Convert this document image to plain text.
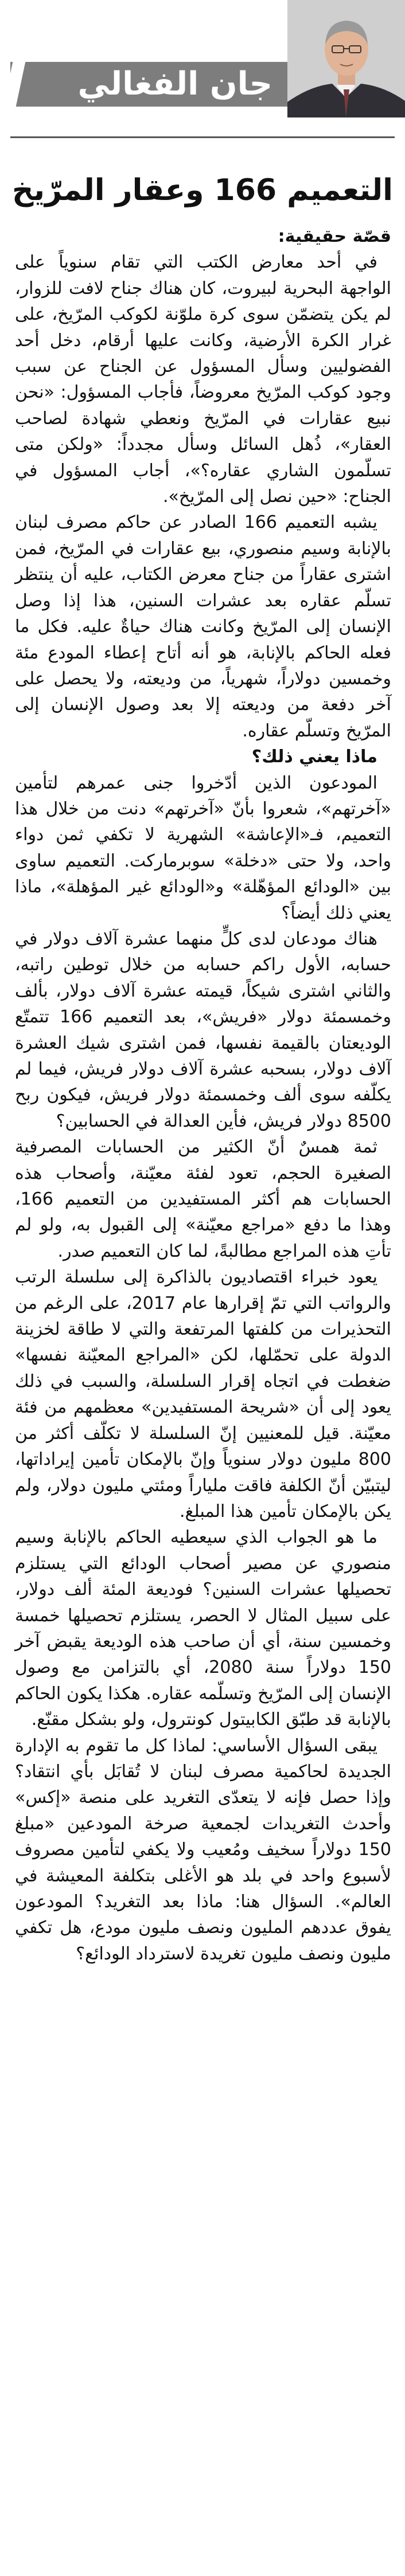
جان الفغالي
التعميم 166 وعقار المرّيخ

قصّة حقيقية:

في أحد معارض الكتب التي تقام سنوياً على الواجهة البحرية لبيروت، كان هناك جناح لافت للزوار، لم يكن يتضمّن سوى كرة ملوّنة لكوكب المرّيخ، على غرار الكرة الأرضية، وكانت عليها أرقام، دخل أحد الفضوليين وسأل المسؤول عن الجناح عن سبب وجود كوكب المرّيخ معروضاً، فأجاب المسؤول: «نحن نبيع عقارات في المرّيخ ونعطي شهادة لصاحب العقار»، ذُهل السائل وسأل مجدداً: «ولكن متى تسلّمون الشاري عقاره؟»، أجاب المسؤول في الجناح: «حين نصل إلى المرّيخ».

يشبه التعميم 166 الصادر عن حاكم مصرف لبنان بالإنابة وسيم منصوري، بيع عقارات في المرّيخ، فمن اشترى عقاراً من جناح معرض الكتاب، عليه أن ينتظر تسلّم عقاره بعد عشرات السنين، هذا إذا وصل الإنسان إلى المرّيخ وكانت هناك حياةٌ عليه. فكل ما فعله الحاكم بالإنابة، هو أنه أتاح إعطاء المودع مئة وخمسين دولاراً، شهرياً، من وديعته، ولا يحصل على آخر دفعة من وديعته إلا بعد وصول الإنسان إلى المرّيخ وتسلّم عقاره.

ماذا يعني ذلك؟

المودعون الذين أدّخروا جنى عمرهم لتأمين «آخرتهم»، شعروا بأنّ «آخرتهم» دنت من خلال هذا التعميم، فـ«الإعاشة» الشهرية لا تكفي ثمن دواء واحد، ولا حتى «دخلة» سوبرماركت. التعميم ساوى بين «الودائع المؤهّلة» و«الودائع غير المؤهلة»، ماذا يعني ذلك أيضاً؟

هناك مودعان لدى كلٍّ منهما عشرة آلاف دولار في حسابه، الأول راكم حسابه من خلال توطين راتبه، والثاني اشترى شيكاً، قيمته عشرة آلاف دولار، بألف وخمسمئة دولار «فريش»، بعد التعميم 166 تتمتّع الوديعتان بالقيمة نفسها، فمن اشترى شيك العشرة آلاف دولار، بسحبه عشرة آلاف دولار فريش، فيما لم يكلّفه سوى ألف وخمسمئة دولار فريش، فيكون ربح 8500 دولار فريش، فأين العدالة في الحسابين؟

ثمة همسٌ أنّ الكثير من الحسابات المصرفية الصغيرة الحجم، تعود لفئة معيّنة، وأصحاب هذه الحسابات هم أكثر المستفيدين من التعميم 166، وهذا ما دفع «مراجع معيّنة» إلى القبول به، ولو لم تأتِ هذه المراجع مطالبةً، لما كان التعميم صدر.

يعود خبراء اقتصاديون بالذاكرة إلى سلسلة الرتب والرواتب التي تمّ إقرارها عام 2017، على الرغم من التحذيرات من كلفتها المرتفعة والتي لا طاقة لخزينة الدولة على تحمّلها، لكن «المراجع المعيّنة نفسها» ضغطت في اتجاه إقرار السلسلة، والسبب في ذلك يعود إلى أن «شريحة المستفيدين» معظمهم من فئة معيّنة. قيل للمعنيين إنّ السلسلة لا تكلّف أكثر من 800 مليون دولار سنوياً وإنّ بالإمكان تأمين إيراداتها، ليتبيّن أنّ الكلفة فاقت ملياراً ومئتي مليون دولار، ولم يكن بالإمكان تأمين هذا المبلغ.

ما هو الجواب الذي سيعطيه الحاكم بالإنابة وسيم منصوري عن مصير أصحاب الودائع التي يستلزم تحصيلها عشرات السنين؟ فوديعة المئة ألف دولار، على سبيل المثال لا الحصر، يستلزم تحصيلها خمسة وخمسين سنة، أي أن صاحب هذه الوديعة يقبض آخر 150 دولاراً سنة 2080، أي بالتزامن مع وصول الإنسان إلى المرّيخ وتسلّمه عقاره. هكذا يكون الحاكم بالإنابة قد طبّق الكابيتول كونترول، ولو بشكل مقنّع.

يبقى السؤال الأساسي: لماذا كل ما تقوم به الإدارة الجديدة لحاكمية مصرف لبنان لا تُقابَل بأي انتقاد؟ وإذا حصل فإنه لا يتعدّى التغريد على منصة «إكس» وأحدث التغريدات لجمعية صرخة المودعين «مبلغ 150 دولاراً سخيف ومُعيب ولا يكفي لتأمين مصروف لأسبوع واحد في بلد هو الأغلى بتكلفة المعيشة في العالم». السؤال هنا: ماذا بعد التغريد؟ المودعون يفوق عددهم المليون ونصف مليون مودع، هل تكفي مليون ونصف مليون تغريدة لاسترداد الودائع؟
